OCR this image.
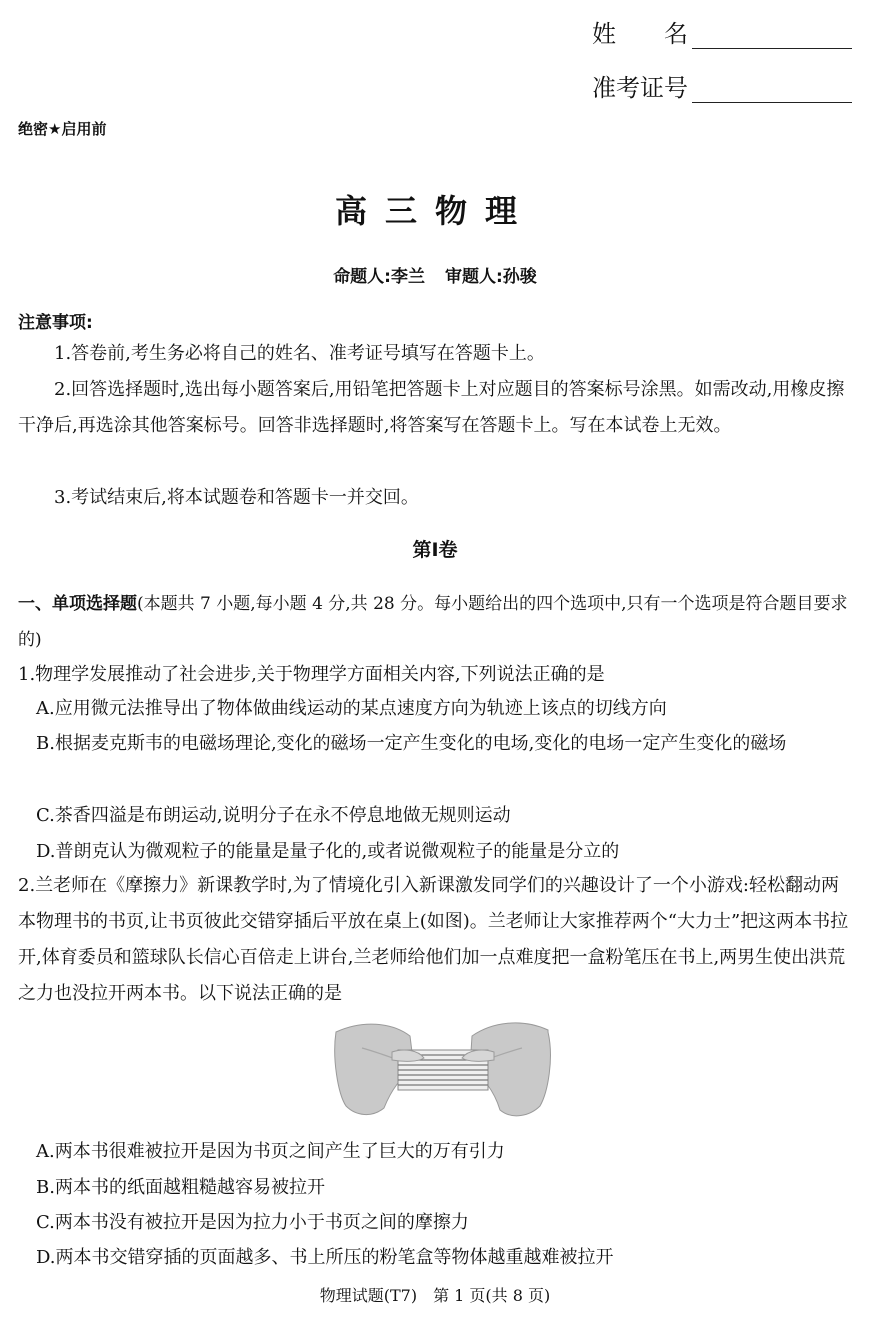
姓　　名
准考证号
绝密★启用前
高三物理
命题人:李兰 审题人:孙骏
注意事项:
1.答卷前,考生务必将自己的姓名、准考证号填写在答题卡上。
2.回答选择题时,选出每小题答案后,用铅笔把答题卡上对应题目的答案标号涂黑。如需改动,用橡皮擦干净后,再选涂其他答案标号。回答非选择题时,将答案写在答题卡上。写在本试卷上无效。
3.考试结束后,将本试题卷和答题卡一并交回。
第Ⅰ卷
一、单项选择题(本题共 7 小题,每小题 4 分,共 28 分。每小题给出的四个选项中,只有一个选项是符合题目要求的)
1.物理学发展推动了社会进步,关于物理学方面相关内容,下列说法正确的是
A.应用微元法推导出了物体做曲线运动的某点速度方向为轨迹上该点的切线方向
B.根据麦克斯韦的电磁场理论,变化的磁场一定产生变化的电场,变化的电场一定产生变化的磁场
C.茶香四溢是布朗运动,说明分子在永不停息地做无规则运动
D.普朗克认为微观粒子的能量是量子化的,或者说微观粒子的能量是分立的
2.兰老师在《摩擦力》新课教学时,为了情境化引入新课激发同学们的兴趣设计了一个小游戏:轻松翻动两本物理书的书页,让书页彼此交错穿插后平放在桌上(如图)。兰老师让大家推荐两个“大力士”把这两本书拉开,体育委员和篮球队长信心百倍走上讲台,兰老师给他们加一点难度把一盒粉笔压在书上,两男生使出洪荒之力也没拉开两本书。以下说法正确的是
A.两本书很难被拉开是因为书页之间产生了巨大的万有引力
B.两本书的纸面越粗糙越容易被拉开
C.两本书没有被拉开是因为拉力小于书页之间的摩擦力
D.两本书交错穿插的页面越多、书上所压的粉笔盒等物体越重越难被拉开
物理试题(T7)　第 1 页(共 8 页)
